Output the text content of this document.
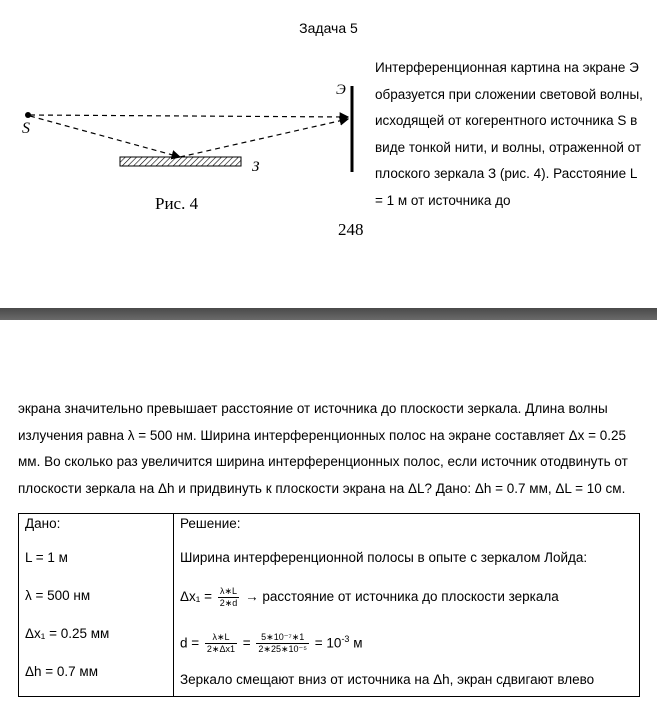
Задача 5
S
Э
З
Рис. 4
248
Интерференционная картина на экране Э образуется при сложении световой волны, исходящей от когерентного источника S в виде тонкой нити, и волны, отраженной от плоского зеркала З (рис. 4). Расстояние L = 1 м от источника до
экрана значительно превышает расстояние от источника до плоскости зеркала. Длина волны излучения равна λ = 500 нм. Ширина интерференционных полос на экране составляет Δx = 0.25 мм. Во сколько раз увеличится ширина интерференционных полос, если источник отодвинуть от плоскости зеркала на Δh и придвинуть к плоскости экрана на ΔL? Дано: Δh = 0.7 мм, ΔL = 10 см.
Дано:
L = 1 м
λ = 500 нм
Δx₁ = 0.25 мм
Δh = 0.7 мм

Решение:
Ширина интерференционной полосы в опыте с зеркалом Лойда:
$\Delta x_1 = \frac{\lambda∗L}{2∗d}$ → расстояние от источника до плоскости зеркала
$d = \frac{\lambda∗L}{2∗\Delta x1} = \frac{\text{5∗10⁻⁷∗1}}{\text{2∗25∗10⁻⁵}} = 10^{-3}$ м
Зеркало смещают вниз от источника на Δh, экран сдвигают влево
